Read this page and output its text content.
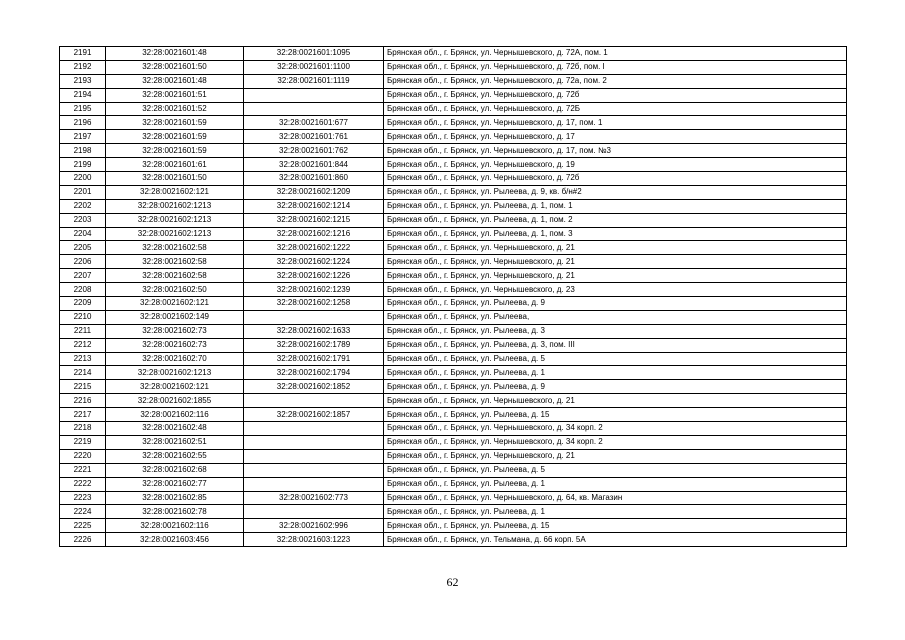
2191	32:28:0021601:48	32:28:0021601:1095	Брянская обл., г. Брянск, ул. Чернышевского, д. 72А, пом. 1
2192	32:28:0021601:50	32:28:0021601:1100	Брянская обл., г. Брянск, ул. Чернышевского, д. 72б, пом. I
2193	32:28:0021601:48	32:28:0021601:1119	Брянская обл., г. Брянск, ул. Чернышевского, д. 72а, пом. 2
2194	32:28:0021601:51		Брянская обл., г. Брянск, ул. Чернышевского, д. 72б
2195	32:28:0021601:52		Брянская обл., г. Брянск, ул. Чернышевского, д. 72Б
2196	32:28:0021601:59	32:28:0021601:677	Брянская обл., г. Брянск, ул. Чернышевского, д. 17, пом. 1
2197	32:28:0021601:59	32:28:0021601:761	Брянская обл., г. Брянск, ул. Чернышевского, д. 17
2198	32:28:0021601:59	32:28:0021601:762	Брянская обл., г. Брянск, ул. Чернышевского, д. 17, пом. №3
2199	32:28:0021601:61	32:28:0021601:844	Брянская обл., г. Брянск, ул. Чернышевского, д. 19
2200	32:28:0021601:50	32:28:0021601:860	Брянская обл., г. Брянск, ул. Чернышевского, д. 72б
2201	32:28:0021602:121	32:28:0021602:1209	Брянская обл., г. Брянск, ул. Рылеева, д. 9, кв. б/н#2
2202	32:28:0021602:1213	32:28:0021602:1214	Брянская обл., г. Брянск, ул. Рылеева, д. 1, пом. 1
2203	32:28:0021602:1213	32:28:0021602:1215	Брянская обл., г. Брянск, ул. Рылеева, д. 1, пом. 2
2204	32:28:0021602:1213	32:28:0021602:1216	Брянская обл., г. Брянск, ул. Рылеева, д. 1, пом. 3
2205	32:28:0021602:58	32:28:0021602:1222	Брянская обл., г. Брянск, ул. Чернышевского, д. 21
2206	32:28:0021602:58	32:28:0021602:1224	Брянская обл., г. Брянск, ул. Чернышевского, д. 21
2207	32:28:0021602:58	32:28:0021602:1226	Брянская обл., г. Брянск, ул. Чернышевского, д. 21
2208	32:28:0021602:50	32:28:0021602:1239	Брянская обл., г. Брянск, ул. Чернышевского, д. 23
2209	32:28:0021602:121	32:28:0021602:1258	Брянская обл., г. Брянск, ул. Рылеева, д. 9
2210	32:28:0021602:149		Брянская обл., г. Брянск, ул. Рылеева,
2211	32:28:0021602:73	32:28:0021602:1633	Брянская обл., г. Брянск, ул. Рылеева, д. 3
2212	32:28:0021602:73	32:28:0021602:1789	Брянская обл., г. Брянск, ул. Рылеева, д. 3, пом. III
2213	32:28:0021602:70	32:28:0021602:1791	Брянская обл., г. Брянск, ул. Рылеева, д. 5
2214	32:28:0021602:1213	32:28:0021602:1794	Брянская обл., г. Брянск, ул. Рылеева, д. 1
2215	32:28:0021602:121	32:28:0021602:1852	Брянская обл., г. Брянск, ул. Рылеева, д. 9
2216	32:28:0021602:1855		Брянская обл., г. Брянск, ул. Чернышевского, д. 21
2217	32:28:0021602:116	32:28:0021602:1857	Брянская обл., г. Брянск, ул. Рылеева, д. 15
2218	32:28:0021602:48		Брянская обл., г. Брянск, ул. Чернышевского, д. 34 корп. 2
2219	32:28:0021602:51		Брянская обл., г. Брянск, ул. Чернышевского, д. 34 корп. 2
2220	32:28:0021602:55		Брянская обл., г. Брянск, ул. Чернышевского, д. 21
2221	32:28:0021602:68		Брянская обл., г. Брянск, ул. Рылеева, д. 5
2222	32:28:0021602:77		Брянская обл., г. Брянск, ул. Рылеева, д. 1
2223	32:28:0021602:85	32:28:0021602:773	Брянская обл., г. Брянск, ул. Чернышевского, д. 64, кв. Магазин
2224	32:28:0021602:78		Брянская обл., г. Брянск, ул. Рылеева, д. 1
2225	32:28:0021602:116	32:28:0021602:996	Брянская обл., г. Брянск, ул. Рылеева, д. 15
2226	32:28:0021603:456	32:28:0021603:1223	Брянская обл., г. Брянск, ул. Тельмана, д. 66 корп. 5А
62
